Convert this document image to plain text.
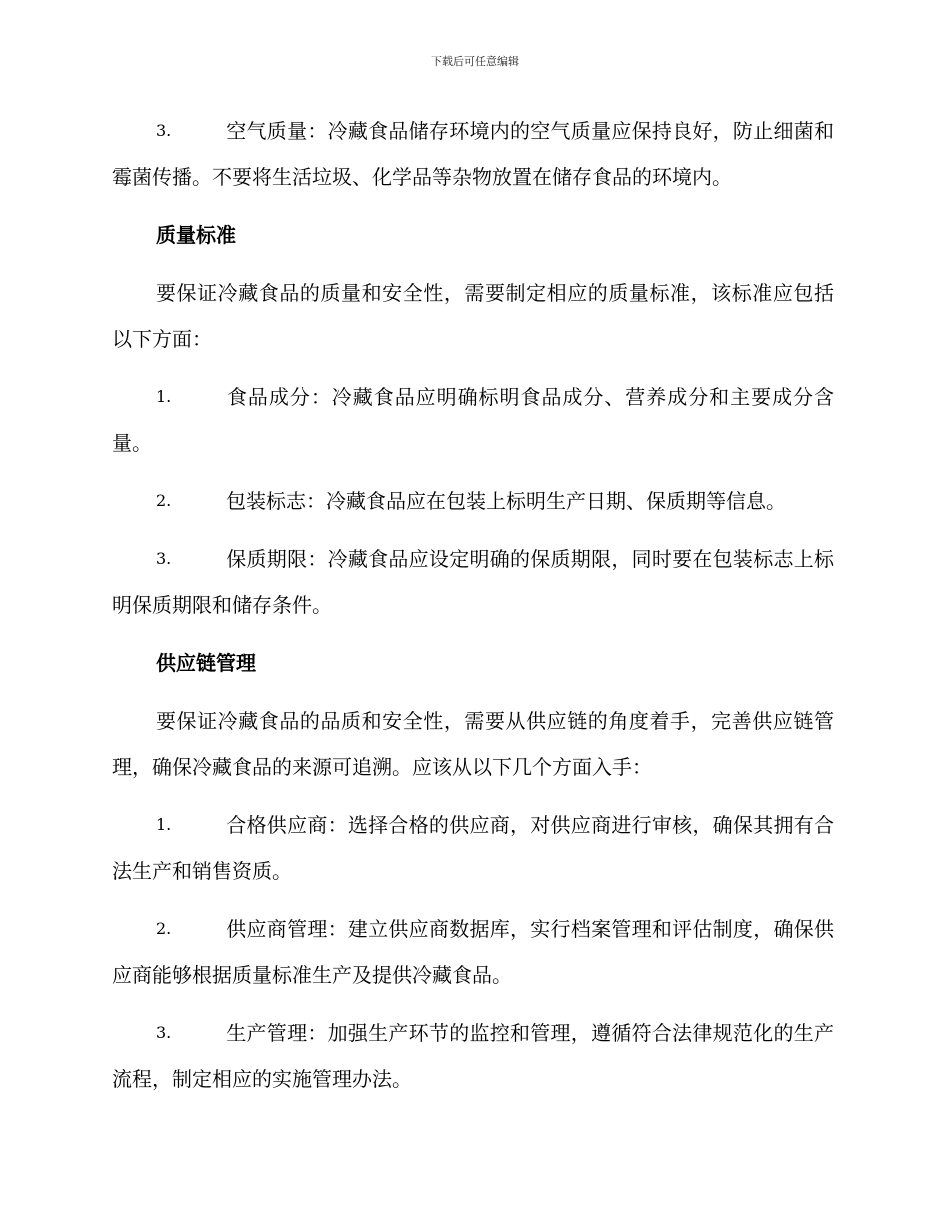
下载后可任意编辑
3.	空气质量：冷藏食品储存环境内的空气质量应保持良好，防止细菌和霉菌传播。不要将生活垃圾、化学品等杂物放置在储存食品的环境内。
质量标准
要保证冷藏食品的质量和安全性，需要制定相应的质量标准，该标准应包括以下方面：
1.	食品成分：冷藏食品应明确标明食品成分、营养成分和主要成分含量。
2.	包装标志：冷藏食品应在包装上标明生产日期、保质期等信息。
3.	保质期限：冷藏食品应设定明确的保质期限，同时要在包装标志上标明保质期限和储存条件。
供应链管理
要保证冷藏食品的品质和安全性，需要从供应链的角度着手，完善供应链管理，确保冷藏食品的来源可追溯。应该从以下几个方面入手：
1.	合格供应商：选择合格的供应商，对供应商进行审核，确保其拥有合法生产和销售资质。
2.	供应商管理：建立供应商数据库，实行档案管理和评估制度，确保供应商能够根据质量标准生产及提供冷藏食品。
3.	生产管理：加强生产环节的监控和管理，遵循符合法律规范化的生产流程，制定相应的实施管理办法。
